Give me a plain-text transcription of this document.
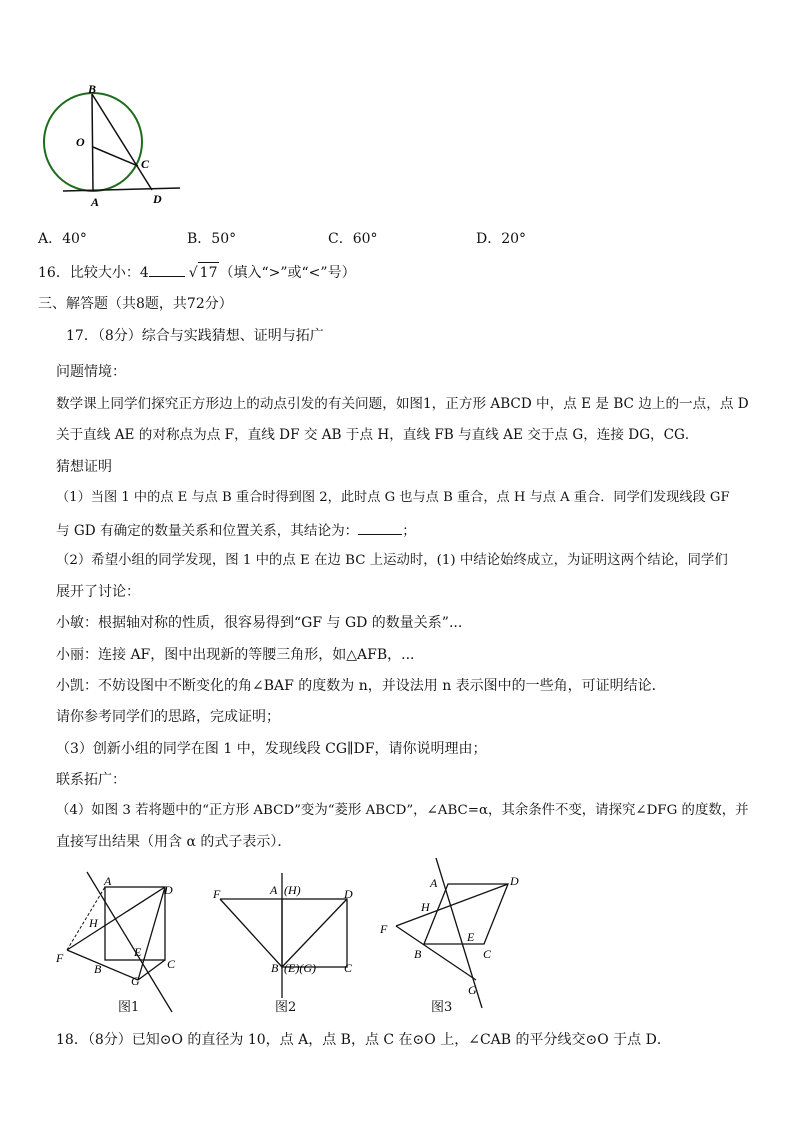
B
O
C
A	D
A．40°	B．50°	C．60°	D．20°
16．比较大小：4	√ 17 （填入“>”或“<”号）
三、解答题（共8题，共72分）
17．（8分）综合与实践猜想、证明与拓广
问题情境：
数学课上同学们探究正方形边上的动点引发的有关问题，如图1，正方形 ABCD 中，点 E 是 BC 边上的一点，点 D
关于直线 AE 的对称点为点 F，直线 DF 交 AB 于点 H，直线 FB 与直线 AE 交于点 G，连接 DG，CG．
猜想证明
（1）当图 1 中的点 E 与点 B 重合时得到图 2，此时点 G 也与点 B 重合，点 H 与点 A 重合．同学们发现线段 GF
与 GD 有确定的数量关系和位置关系，其结论为：	；
（2）希望小组的同学发现，图 1 中的点 E 在边 BC 上运动时，(1) 中结论始终成立，为证明这两个结论，同学们
展开了讨论：
小敏：根据轴对称的性质，很容易得到“GF 与 GD 的数量关系”...
小丽：连接 AF，图中出现新的等腰三角形，如△AFB，...
小凯：不妨设图中不断变化的角∠BAF 的度数为 n，并设法用 n 表示图中的一些角，可证明结论．
请你参考同学们的思路，完成证明；
（3）创新小组的同学在图 1 中，发现线段 CG∥DF，请你说明理由；
联系拓广：
（4）如图 3 若将题中的“正方形 ABCD”变为“菱形 ABCD”，∠ABC=α，其余条件不变，请探究∠DFG 的度数，并
直接写出结果（用含 α 的式子表示）．
A
D
H
E
F
B	C
G
图1
F	A (H)	D
B (E)(G) C
图2
A	D
H
E
F
B	C
G
图3
18．（8分）已知⊙O 的直径为 10，点 A，点 B，点 C 在⊙O 上，∠CAB 的平分线交⊙O 于点 D．
